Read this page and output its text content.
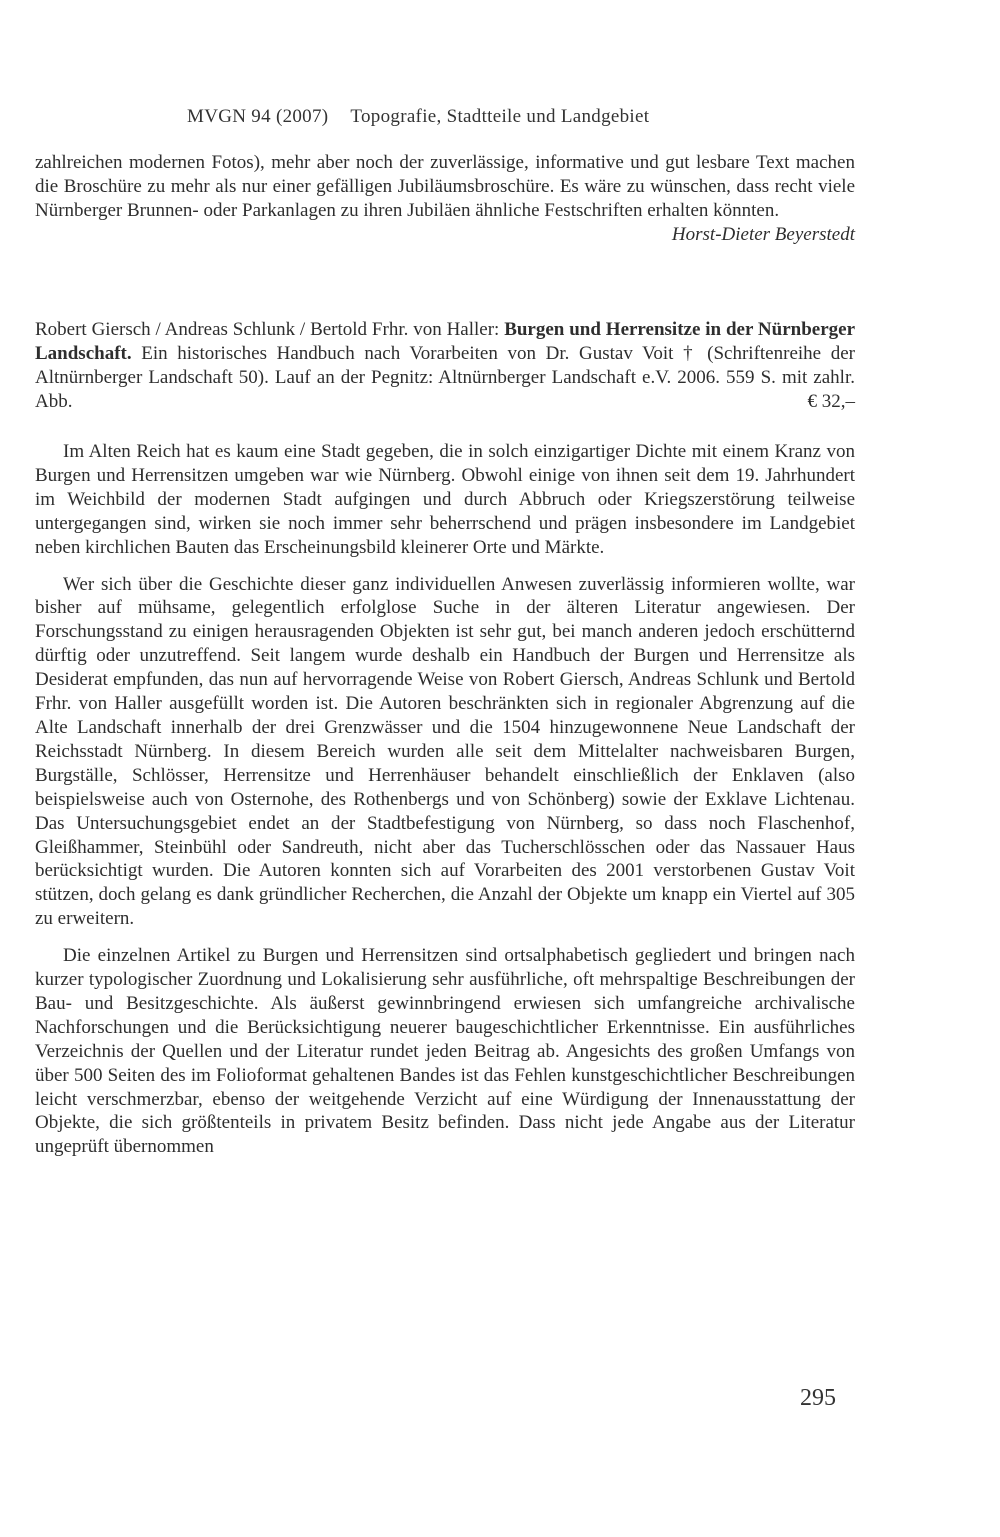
MVGN 94 (2007) Topografie, Stadtteile und Landgebiet

zahlreichen modernen Fotos), mehr aber noch der zuverlässige, informative und gut lesbare Text machen die Broschüre zu mehr als nur einer gefälligen Jubiläumsbroschüre. Es wäre zu wünschen, dass recht viele Nürnberger Brunnen- oder Parkanlagen zu ihren Jubiläen ähnliche Festschriften erhalten könnten.
Horst-Dieter Beyerstedt

Robert Giersch / Andreas Schlunk / Bertold Frhr. von Haller: Burgen und Herrensitze in der Nürnberger Landschaft. Ein historisches Handbuch nach Vorarbeiten von Dr. Gustav Voit † (Schriftenreihe der Altnürnberger Landschaft 50). Lauf an der Pegnitz: Altnürnberger Landschaft e.V. 2006. 559 S. mit zahlr. Abb.	€ 32,–

Im Alten Reich hat es kaum eine Stadt gegeben, die in solch einzigartiger Dichte mit einem Kranz von Burgen und Herrensitzen umgeben war wie Nürnberg. Obwohl einige von ihnen seit dem 19. Jahrhundert im Weichbild der modernen Stadt aufgingen und durch Abbruch oder Kriegszerstörung teilweise untergegangen sind, wirken sie noch immer sehr beherrschend und prägen insbesondere im Landgebiet neben kirchlichen Bauten das Erscheinungsbild kleinerer Orte und Märkte.

Wer sich über die Geschichte dieser ganz individuellen Anwesen zuverlässig informieren wollte, war bisher auf mühsame, gelegentlich erfolglose Suche in der älteren Literatur angewiesen. Der Forschungsstand zu einigen herausragenden Objekten ist sehr gut, bei manch anderen jedoch erschütternd dürftig oder unzutreffend. Seit langem wurde deshalb ein Handbuch der Burgen und Herrensitze als Desiderat empfunden, das nun auf hervorragende Weise von Robert Giersch, Andreas Schlunk und Bertold Frhr. von Haller ausgefüllt worden ist. Die Autoren beschränkten sich in regionaler Abgrenzung auf die Alte Landschaft innerhalb der drei Grenzwässer und die 1504 hinzugewonnene Neue Landschaft der Reichsstadt Nürnberg. In diesem Bereich wurden alle seit dem Mittelalter nachweisbaren Burgen, Burgställe, Schlösser, Herrensitze und Herrenhäuser behandelt einschließlich der Enklaven (also beispielsweise auch von Osternohe, des Rothenbergs und von Schönberg) sowie der Exklave Lichtenau. Das Untersuchungsgebiet endet an der Stadtbefestigung von Nürnberg, so dass noch Flaschenhof, Gleißhammer, Steinbühl oder Sandreuth, nicht aber das Tucherschlösschen oder das Nassauer Haus berücksichtigt wurden. Die Autoren konnten sich auf Vorarbeiten des 2001 verstorbenen Gustav Voit stützen, doch gelang es dank gründlicher Recherchen, die Anzahl der Objekte um knapp ein Viertel auf 305 zu erweitern.

Die einzelnen Artikel zu Burgen und Herrensitzen sind ortsalphabetisch gegliedert und bringen nach kurzer typologischer Zuordnung und Lokalisierung sehr ausführliche, oft mehrspaltige Beschreibungen der Bau- und Besitzgeschichte. Als äußerst gewinnbringend erwiesen sich umfangreiche archivalische Nachforschungen und die Berücksichtigung neuerer baugeschichtlicher Erkenntnisse. Ein ausführliches Verzeichnis der Quellen und der Literatur rundet jeden Beitrag ab. Angesichts des großen Umfangs von über 500 Seiten des im Folioformat gehaltenen Bandes ist das Fehlen kunstgeschichtlicher Beschreibungen leicht verschmerzbar, ebenso der weitgehende Verzicht auf eine Würdigung der Innenausstattung der Objekte, die sich größtenteils in privatem Besitz befinden. Dass nicht jede Angabe aus der Literatur ungeprüft übernommen

295
